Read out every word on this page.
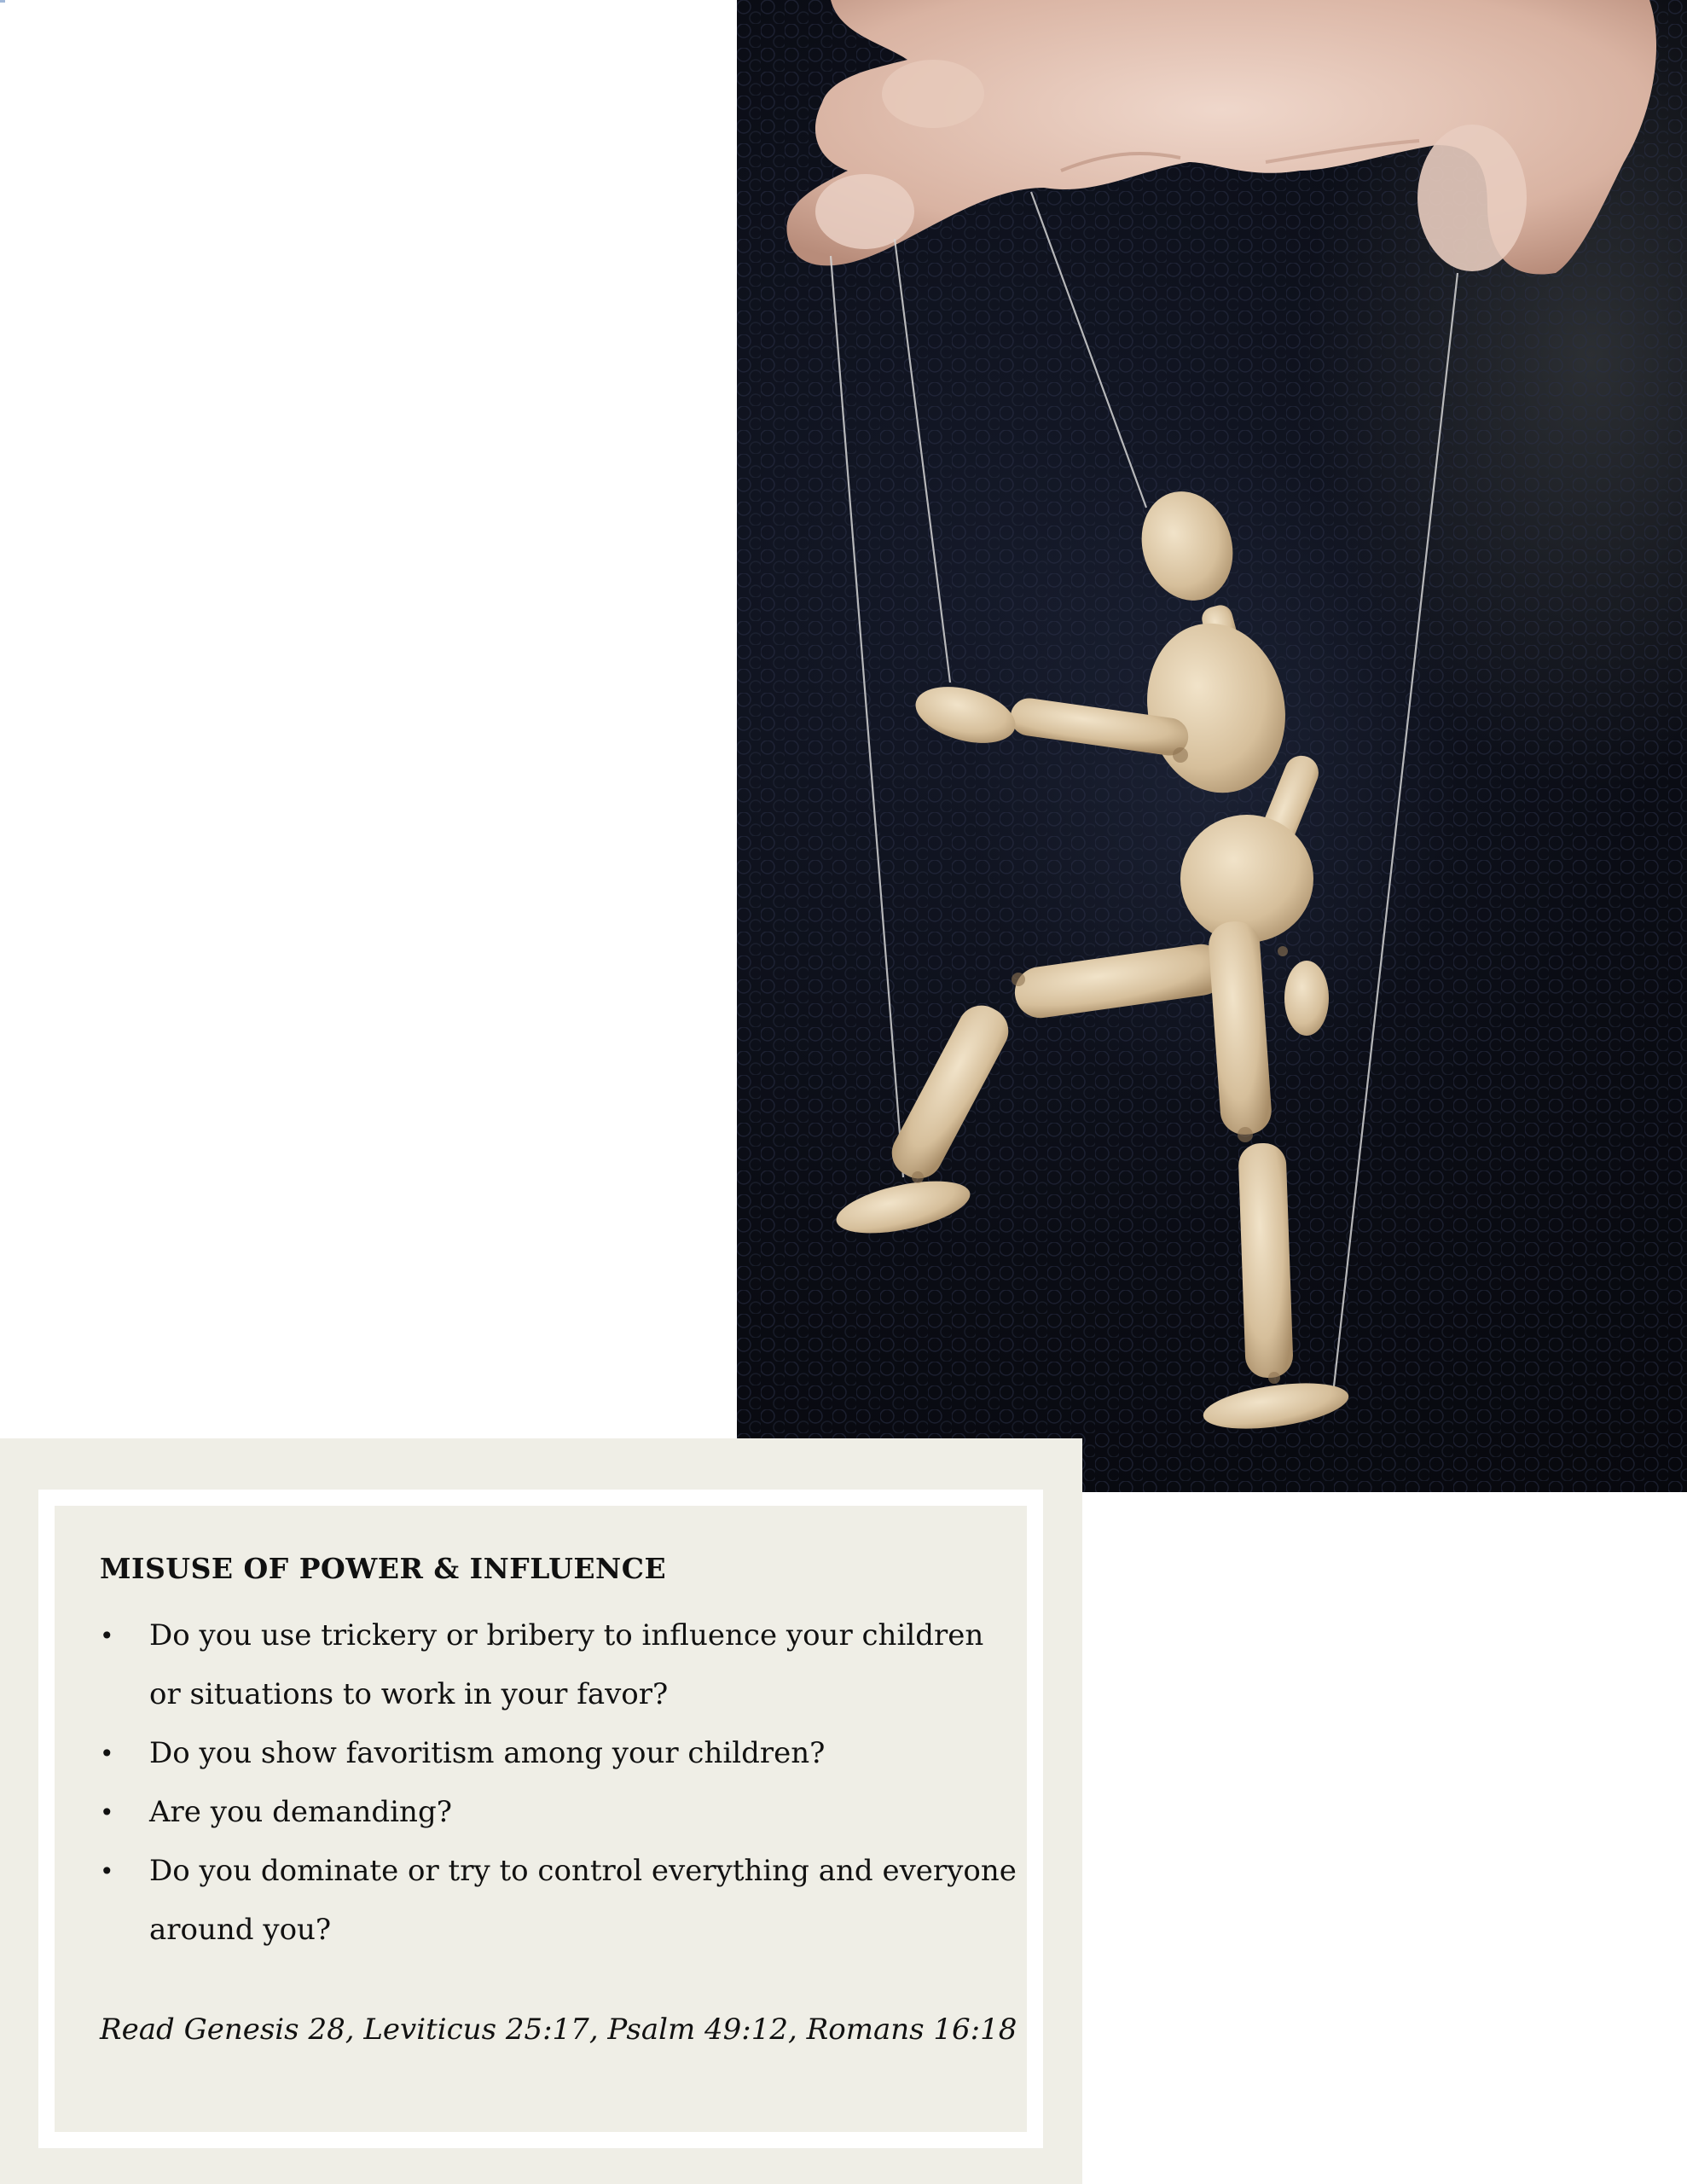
MISUSE OF POWER & INFLUENCE
• Do you use trickery or bribery to influence your children or situations to work in your favor?
• Do you show favoritism among your children?
• Are you demanding?
• Do you dominate or try to control everything and everyone around you?

Read Genesis 28, Leviticus 25:17, Psalm 49:12, Romans 16:18
